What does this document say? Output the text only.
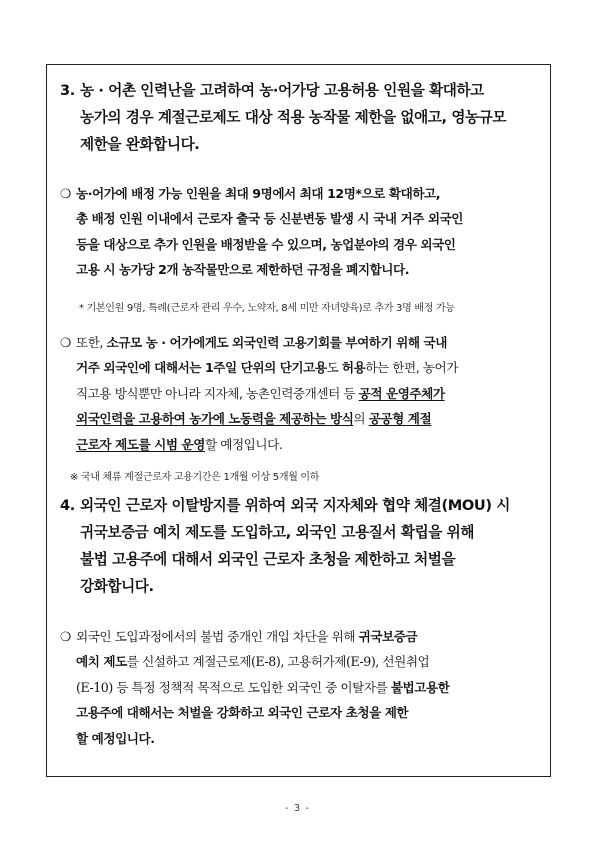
3. 농 · 어촌 인력난을 고려하여 농·어가당 고용허용 인원을 확대하고
농가의 경우 계절근로제도 대상 적용 농작물 제한을 없애고, 영농규모
제한을 완화합니다.
❍ 농·어가에 배정 가능 인원을 최대 9명에서 최대 12명*으로 확대하고,
총 배정 인원 이내에서 근로자 출국 등 신분변동 발생 시 국내 거주 외국인
등을 대상으로 추가 인원을 배정받을 수 있으며, 농업분야의 경우 외국인
고용 시 농가당 2개 농작물만으로 제한하던 규정을 폐지합니다.
* 기본인원 9명, 특례(근로자 관리 우수, 노약자, 8세 미만 자녀양육)로 추가 3명 배정 가능
❍ 또한, 소규모 농 · 어가에게도 외국인력 고용기회를 부여하기 위해 국내
거주 외국인에 대해서는 1주일 단위의 단기고용도 허용하는 한편, 농어가
직고용 방식뿐만 아니라 지자체, 농촌인력중개센터 등 공적 운영주체가
외국인력을 고용하여 농가에 노동력을 제공하는 방식의 공공형 계절
근로자 제도를 시범 운영할 예정입니다.
※ 국내 체류 계절근로자 고용기간은 1개월 이상 5개월 이하
4. 외국인 근로자 이탈방지를 위하여 외국 지자체와 협약 체결(MOU) 시
귀국보증금 예치 제도를 도입하고, 외국인 고용질서 확립을 위해
불법 고용주에 대해서 외국인 근로자 초청을 제한하고 처벌을
강화합니다.
❍ 외국인 도입과정에서의 불법 중개인 개입 차단을 위해 귀국보증금
예치 제도를 신설하고 계절근로제(E-8), 고용허가제(E-9), 선원취업
(E-10) 등 특정 정책적 목적으로 도입한 외국인 중 이탈자를 불법고용한
고용주에 대해서는 처벌을 강화하고 외국인 근로자 초청을 제한
할 예정입니다.
- 3 -
